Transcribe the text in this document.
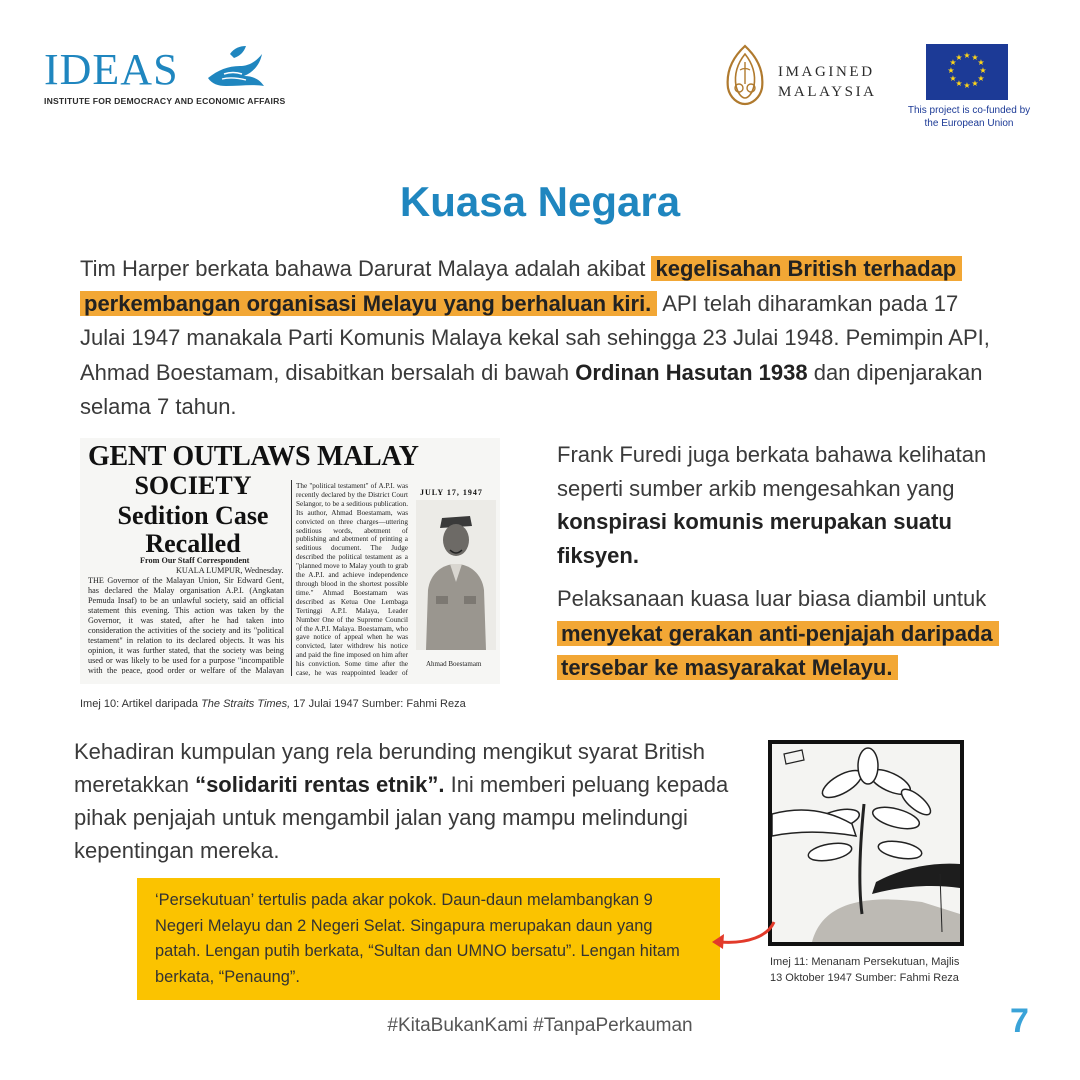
IDEAS
INSTITUTE FOR DEMOCRACY AND ECONOMIC AFFAIRS
IMAGINED
MALAYSIA
★ ★
★
★
★
★
★
★
★
★
★
★
This project is co-funded by
the European Union
Kuasa Negara
Tim Harper berkata bahawa Darurat Malaya adalah akibat kegelisahan British terhadap perkembangan organisasi Melayu yang berhaluan kiri. API telah diharamkan pada 17 Julai 1947 manakala Parti Komunis Malaya kekal sah sehingga 23 Julai 1948. Pemimpin API, Ahmad Boestamam, disabitkan bersalah di bawah Ordinan Hasutan 1938 dan dipenjarakan selama 7 tahun.
GENT OUTLAWS MALAY
SOCIETY
Sedition Case
Recalled
From Our Staff Correspondent
KUALA LUMPUR, Wednesday.
THE Governor of the Malayan Union, Sir Edward Gent, has declared the Malay organisation A.P.I. (Angkatan Pemuda Insaf) to be an unlawful society, said an official statement this evening. This action was taken by the Governor, it was stated, after he had taken into consideration the activities of the society and its "political testament" in relation to its declared objects. It was his opinion, it was further stated, that the society was being used or was likely to be used for a purpose "incompatible with the peace, good order or welfare of the Malayan
The "political testament" of A.P.I. was recently declared by the District Court Selangor, to be a seditious publication. Its author, Ahmad Boestamam, was convicted on three charges—uttering seditious words, abetment of publishing and abetment of printing a seditious document. The Judge described the political testament as a "planned move to Malay youth to grab the A.P.I. and achieve independence through blood in the shortest possible time." Ahmad Boestamam was described as Ketua One Lembaga Tertinggi A.P.I. Malaya, Leader Number One of the Supreme Council of the A.P.I. Malaya. Boestamam, who gave notice of appeal when he was convicted, later withdrew his notice and paid the fine imposed on him after his conviction. Some time after the case, he was reappointed leader of
JULY 17, 1947
Ahmad Boestamam
Imej 10: Artikel daripada The Straits Times, 17 Julai 1947 Sumber: Fahmi Reza
Frank Furedi juga berkata bahawa kelihatan seperti sumber arkib mengesahkan yang konspirasi komunis merupakan suatu fiksyen.
Pelaksanaan kuasa luar biasa diambil untuk menyekat gerakan anti-penjajah daripada tersebar ke masyarakat Melayu.
Kehadiran kumpulan yang rela berunding mengikut syarat British meretakkan “solidariti rentas etnik”. Ini memberi peluang kepada pihak penjajah untuk mengambil jalan yang mampu melindungi kepentingan mereka.
Imej 11: Menanam Persekutuan, Majlis 13 Oktober 1947 Sumber: Fahmi Reza
‘Persekutuan’ tertulis pada akar pokok. Daun-daun melambangkan 9 Negeri Melayu dan 2 Negeri Selat. Singapura merupakan daun yang patah. Lengan putih berkata, “Sultan dan UMNO bersatu”. Lengan hitam berkata, “Penaung”.
#KitaBukanKami #TanpaPerkauman	7
